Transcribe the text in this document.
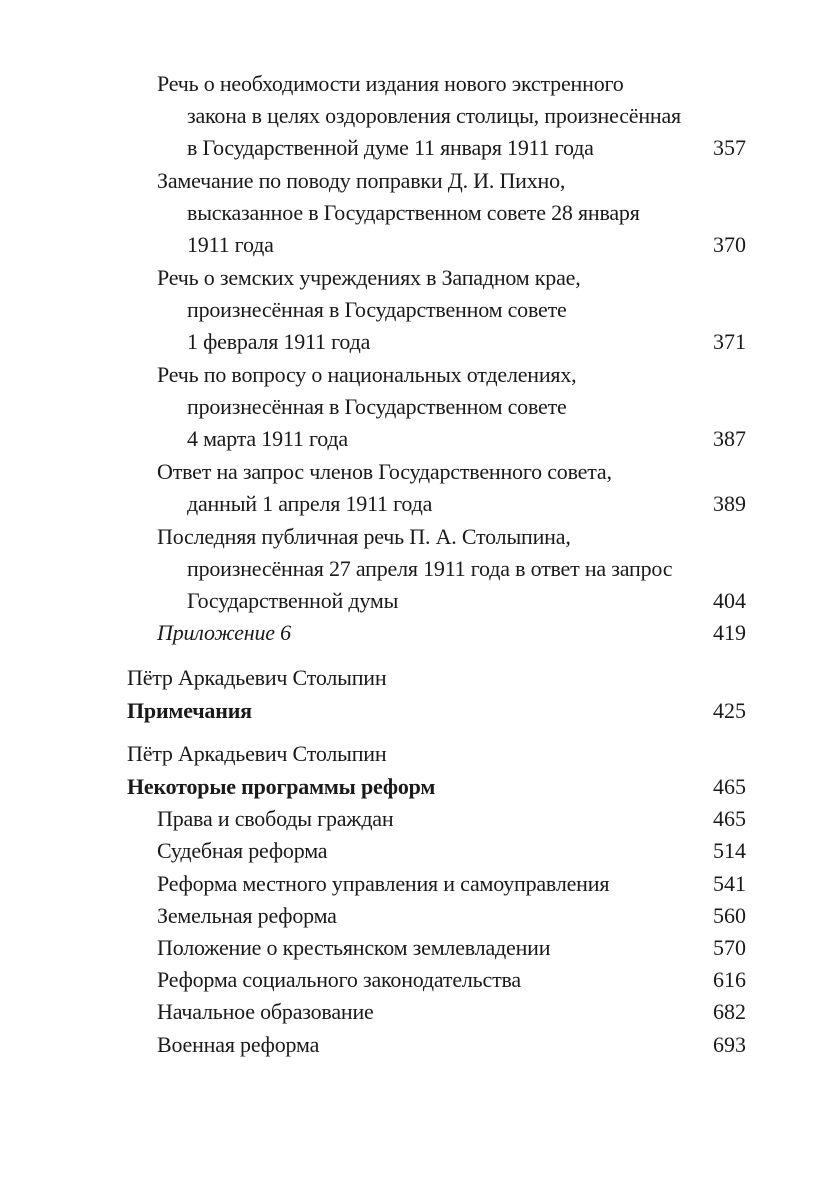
Речь о необходимости издания нового экстренного
закона в целях оздоровления столицы, произнесённая
в Государственной думе 11 января 1911 года	357
Замечание по поводу поправки Д. И. Пихно,
высказанное в Государственном совете 28 января
1911 года	370
Речь о земских учреждениях в Западном крае,
произнесённая в Государственном совете
1 февраля 1911 года	371
Речь по вопросу о национальных отделениях,
произнесённая в Государственном совете
4 марта 1911 года	387
Ответ на запрос членов Государственного совета,
данный 1 апреля 1911 года	389
Последняя публичная речь П. А. Столыпина,
произнесённая 27 апреля 1911 года в ответ на запрос
Государственной думы	404
Приложение 6	419
Пётр Аркадьевич Столыпин
Примечания	425
Пётр Аркадьевич Столыпин
Некоторые программы реформ	465
Права и свободы граждан	465
Судебная реформа	514
Реформа местного управления и самоуправления	541
Земельная реформа	560
Положение о крестьянском землевладении	570
Реформа социального законодательства	616
Начальное образование	682
Военная реформа	693
